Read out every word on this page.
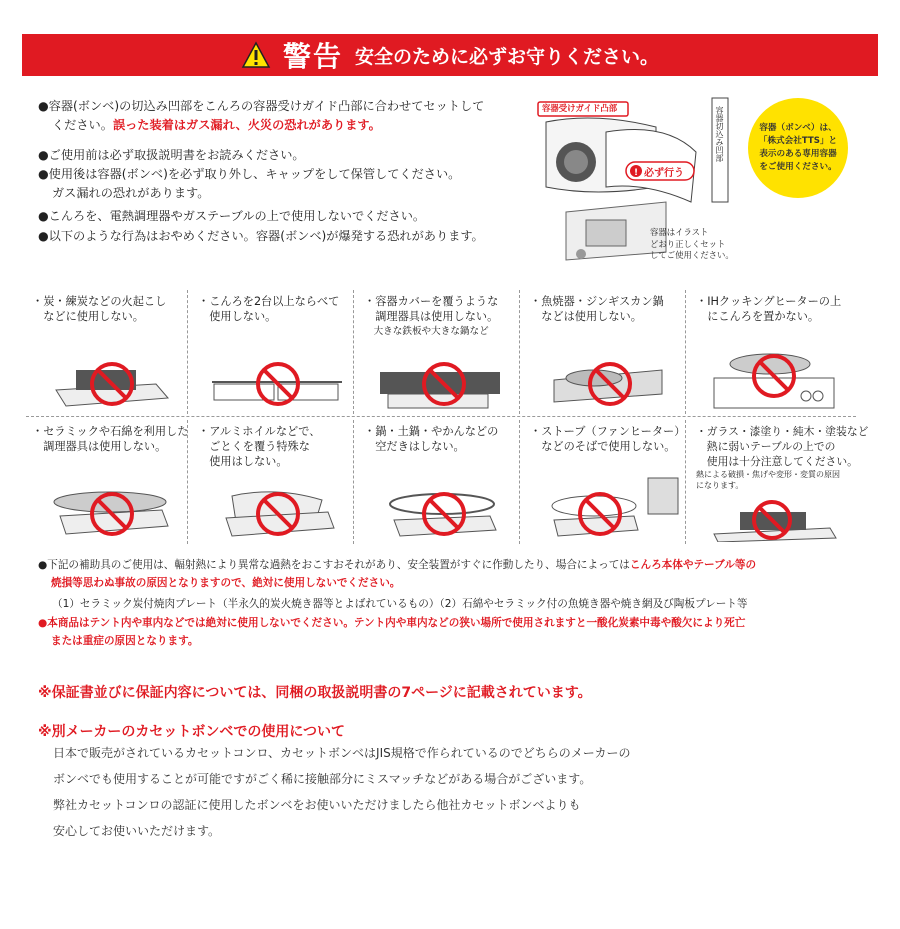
警告 安全のために必ずお守りください。
●容器(ボンベ)の切込み凹部をこんろの容器受けガイド凸部に合わせてセットして
ください。誤った装着はガス漏れ、火災の恐れがあります。
●ご使用前は必ず取扱説明書をお読みください。
●使用後は容器(ボンベ)を必ず取り外し、キャップをして保管してください。
ガス漏れの恐れがあります。
●こんろを、電熱調理器やガステーブルの上で使用しないでください。
●以下のような行為はおやめください。容器(ボンベ)が爆発する恐れがあります。
!
容器受けガイド凸部
必ず行う
容器切込み凹部
容器はイラスト
どおり正しくセット
してご使用ください。
容器（ボンベ）は、
「株式会社TTS」と
表示のある専用容器
をご使用ください。
・炭・練炭などの火起こし
　などに使用しない。
・こんろを2台以上ならべて
　使用しない。
・容器カバーを覆うような
　調理器具は使用しない。
　大きな鉄板や大きな鍋など
・魚焼器・ジンギスカン鍋
　などは使用しない。
・IHクッキングヒーターの上
　にこんろを置かない。
・セラミックや石綿を利用した
　調理器具は使用しない。
・アルミホイルなどで、
　ごとくを覆う特殊な
　使用はしない。
・鍋・土鍋・やかんなどの
　空だきはしない。
・ストーブ（ファンヒーター）
　などのそばで使用しない。
・ガラス・漆塗り・純木・塗装など
　熱に弱いテーブルの上での
　使用は十分注意してください。
熱による破損・焦げや変形・変質の原因
になります。
●下記の補助具のご使用は、輻射熱により異常な過熱をおこすおそれがあり、安全装置がすぐに作動したり、場合によってはこんろ本体やテーブル等の
焼損等思わぬ事故の原因となりますので、絶対に使用しないでください。
（1）セラミック炭付焼肉プレート（半永久的炭火焼き器等とよばれているもの）（2）石綿やセラミック付の魚焼き器や焼き網及び陶板プレート等
●本商品はテント内や車内などでは絶対に使用しないでください。テント内や車内などの狭い場所で使用されますと一酸化炭素中毒や酸欠により死亡
または重症の原因となります。
※保証書並びに保証内容については、同梱の取扱説明書の7ページに記載されています。
※別メーカーのカセットボンベでの使用について
日本で販売がされているカセットコンロ、カセットボンベはJIS規格で作られているのでどちらのメーカーの
ボンベでも使用することが可能ですがごく稀に接触部分にミスマッチなどがある場合がございます。
弊社カセットコンロの認証に使用したボンベをお使いいただけましたら他社カセットボンベよりも
安心してお使いいただけます。
